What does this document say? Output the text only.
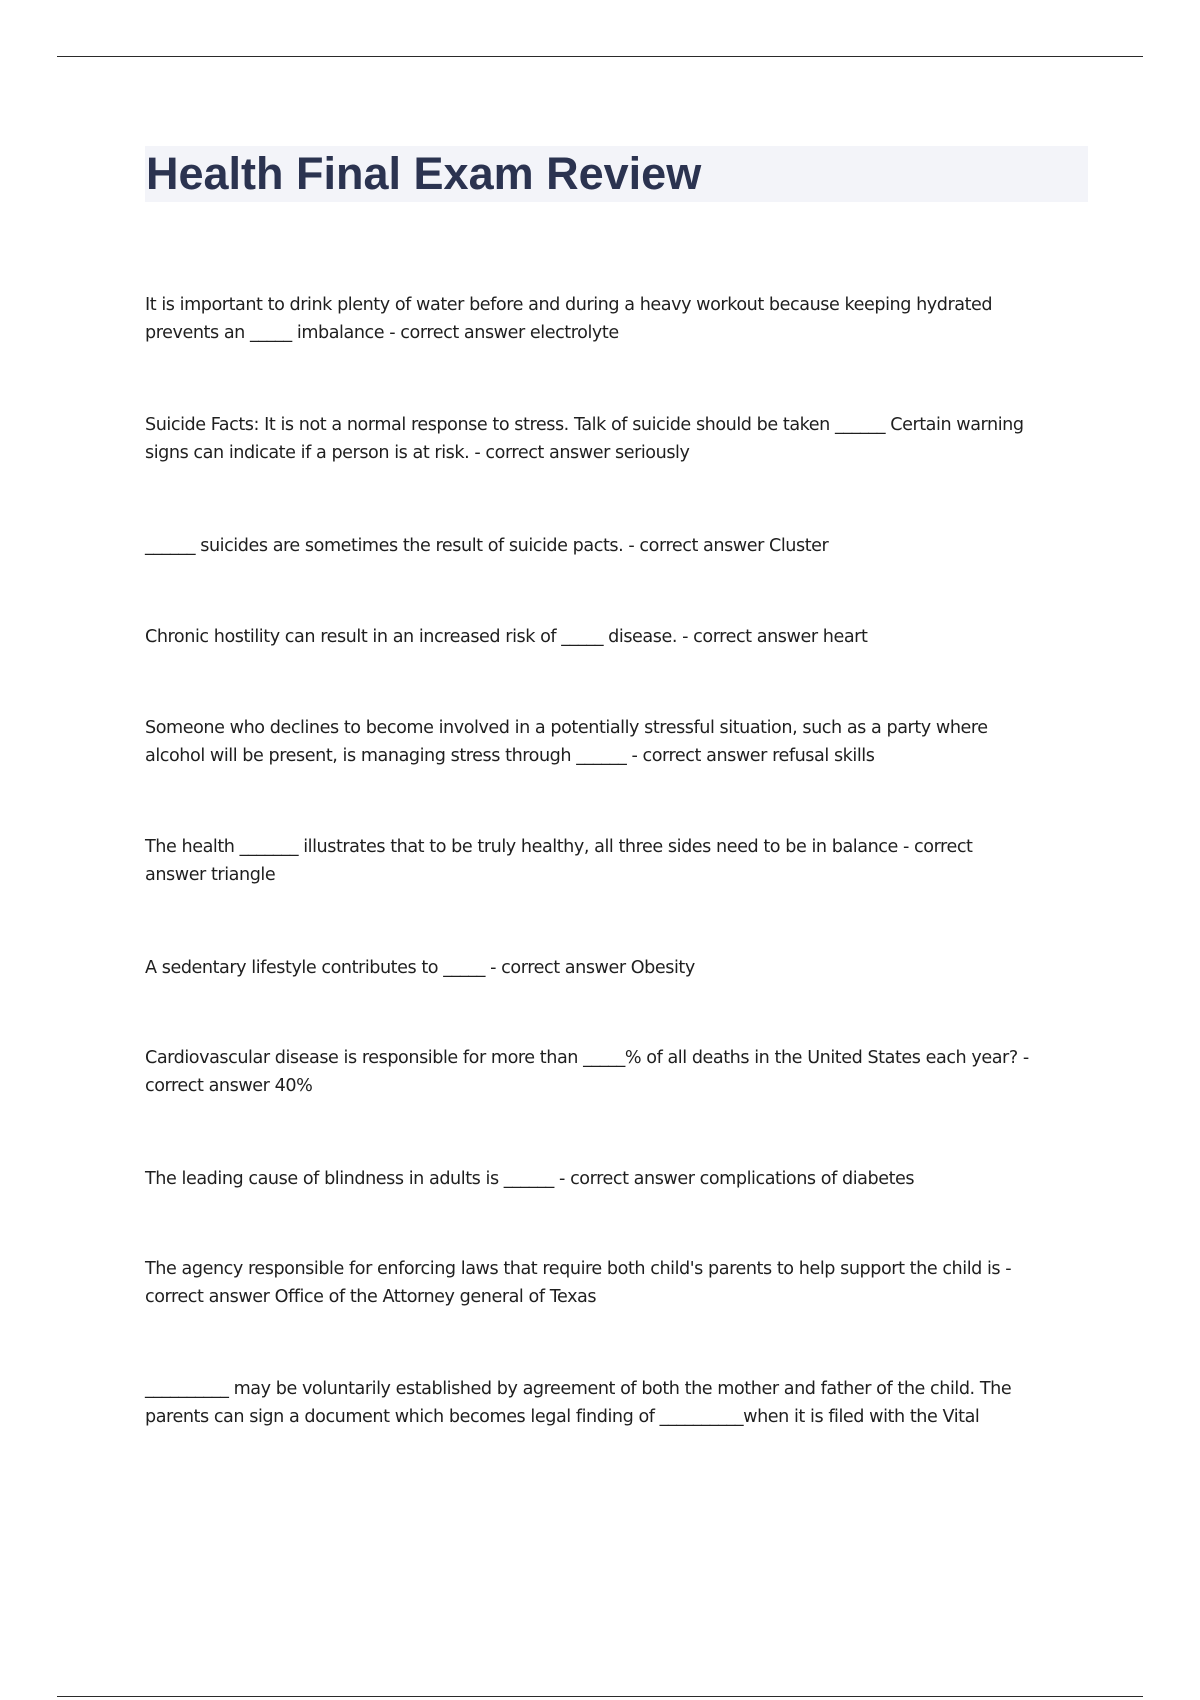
Health Final Exam Review

It is important to drink plenty of water before and during a heavy workout because keeping hydrated
prevents an _____ imbalance - correct answer electrolyte

Suicide Facts: It is not a normal response to stress. Talk of suicide should be taken ______ Certain warning
signs can indicate if a person is at risk. - correct answer seriously

______ suicides are sometimes the result of suicide pacts. - correct answer Cluster

Chronic hostility can result in an increased risk of _____ disease. - correct answer heart

Someone who declines to become involved in a potentially stressful situation, such as a party where
alcohol will be present, is managing stress through ______ - correct answer refusal skills

The health _______ illustrates that to be truly healthy, all three sides need to be in balance - correct
answer triangle

A sedentary lifestyle contributes to _____ - correct answer Obesity

Cardiovascular disease is responsible for more than _____% of all deaths in the United States each year? -
correct answer 40%

The leading cause of blindness in adults is ______ - correct answer complications of diabetes

The agency responsible for enforcing laws that require both child's parents to help support the child is -
correct answer Office of the Attorney general of Texas

__________ may be voluntarily established by agreement of both the mother and father of the child. The
parents can sign a document which becomes legal finding of __________when it is filed with the Vital
